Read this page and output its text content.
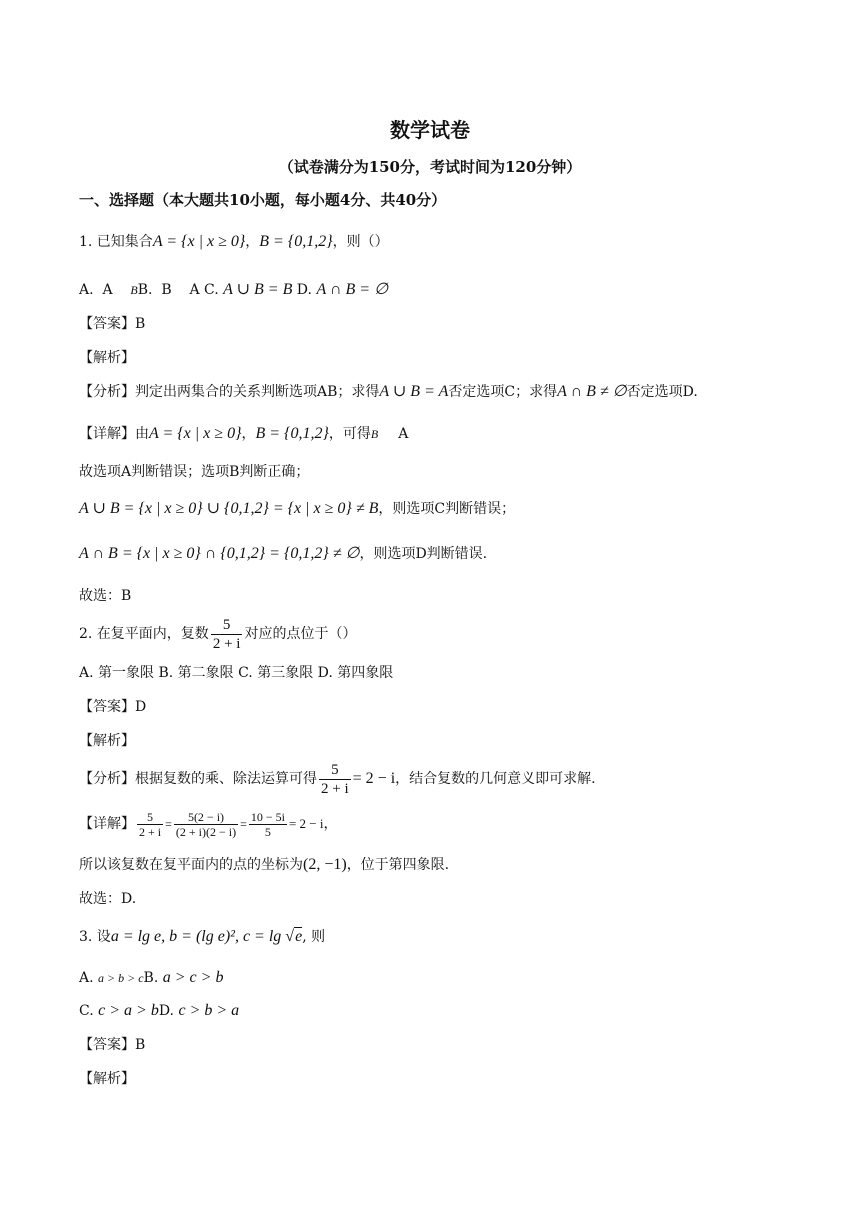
数学试卷
（试卷满分为150分，考试时间为120分钟）
一、选择题（本大题共10小题，每小题4分、共40分）
1. 已知集合A = {x | x ≥ 0}，B = {0,1,2}，则（）
A.  A    BB.  B    A C. A ∪ B = B D. A ∩ B = ∅
【答案】B
【解析】
【分析】判定出两集合的关系判断选项AB；求得A ∪ B = A否定选项C；求得A ∩ B ≠ ∅否定选项D.
【详解】由A = {x | x ≥ 0}，B = {0,1,2}，可得B A
故选项A判断错误；选项B判断正确；
A ∪ B = {x | x ≥ 0} ∪ {0,1,2} = {x | x ≥ 0} ≠ B，则选项C判断错误；
A ∩ B = {x | x ≥ 0} ∩ {0,1,2} = {0,1,2} ≠ ∅，则选项D判断错误.
故选：B
2. 在复平面内，复数 $\frac{5}{2 + i}$ 对应的点位于（）
A. 第一象限 B. 第二象限 C. 第三象限 D. 第四象限
【答案】D
【解析】
【分析】根据复数的乘、除法运算可得 $\frac{5}{2 + i} = 2 - i$，结合复数的几何意义即可求解.
【详解】 $\frac{5}{2 + i} = \frac{5(2 - i)}{(2 + i)(2 - i)} = \frac{10 - 5i}{5} = 2 - i$，
所以该复数在复平面内的点的坐标为(2, −1)，位于第四象限.
故选：D.
3. 设a = lg e, b = (lg e)², c = lg √e, 则
A. a > b > cB. a > c > b
C. c > a > bD. c > b > a
【答案】B
【解析】
